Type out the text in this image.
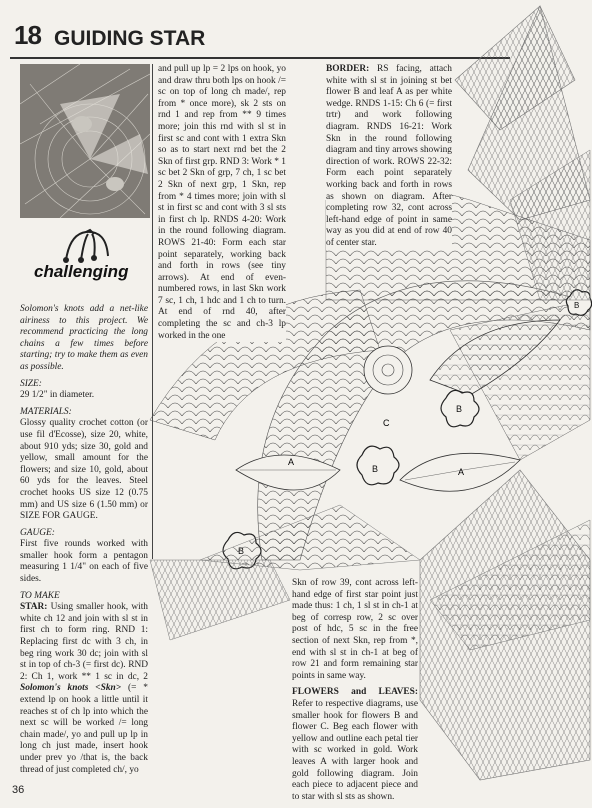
18 GUIDING STAR
challenging

Solomon's knots add a net-like airiness to this project. We recommend practicing the long chains a few times before starting; try to make them as even as possible.

SIZE:
29 1/2" in diameter.

MATERIALS:
Glossy quality crochet cotton (or use fil d'Ecosse), size 20, white, about 910 yds; size 30, gold and yellow, small amount for the flowers; and size 10, gold, about 60 yds for the leaves. Steel crochet hooks US size 12 (0.75 mm) and US size 6 (1.50 mm) or SIZE FOR GAUGE.

GAUGE:
First five rounds worked with smaller hook form a pentagon measuring 1 1/4" on each of five sides.

TO MAKE
STAR: Using smaller hook, with white ch 12 and join with sl st in first ch to form ring. RND 1: Replacing first dc with 3 ch, in beg ring work 30 dc; join with sl st in top of ch-3 (= first dc). RND 2: Ch 1, work ** 1 sc in dc, 2 Solomon's knots <Skn> (= * extend lp on hook a little until it reaches st of ch lp into which the next sc will be worked /= long chain made/, yo and pull up lp in long ch just made, insert hook under prev yo /that is, the back thread of just completed ch/, yo

A
A
C
B
B
B
and pull up lp = 2 lps on hook, yo and draw thru both lps on hook /= sc on top of long ch made/, rep from * once more), sk 2 sts on rnd 1 and rep from ** 9 times more; join this rnd with sl st in first sc and cont with 1 extra Skn so as to start next rnd bet the 2 Skn of first grp. RND 3: Work * 1 sc bet 2 Skn of grp, 7 ch, 1 sc bet 2 Skn of next grp, 1 Skn, rep from * 4 times more; join with sl st in first sc and cont with 3 sl sts in first ch lp. RNDS 4-20: Work in the round following diagram. ROWS 21-40: Form each star point separately, working back and forth in rows (see tiny arrows). At end of even-numbered rows, in last Skn work 7 sc, 1 ch, 1 hdc and 1 ch to turn. At end of rnd 40, after completing the sc and ch-3 lp worked in the one
BORDER: RS facing, attach white with sl st in joining st bet flower B and leaf A as per white wedge. RNDS 1-15: Ch 6 (= first trtr) and work following diagram. RNDS 16-21: Work Skn in the round following diagram and tiny arrows showing direction of work. ROWS 22-32: Form each point separately working back and forth in rows as shown on diagram. After completing row 32, cont across left-hand edge of point in same way as you did at end of row 40 of center star.

Skn of row 39, cont across left-hand edge of first star point just made thus: 1 ch, 1 sl st in ch-1 at beg of corresp row, 2 sc over post of hdc, 5 sc in the free section of next Skn, rep from *, end with sl st in ch-1 at beg of row 21 and form remaining star points in same way.

FLOWERS and LEAVES: Refer to respective diagrams, use smaller hook for flowers B and flower C. Beg each flower with yellow and outline each petal tier with sc worked in gold. Work leaves A with larger hook and gold following diagram. Join each piece to adjacent piece and to star with sl sts as shown.

36
